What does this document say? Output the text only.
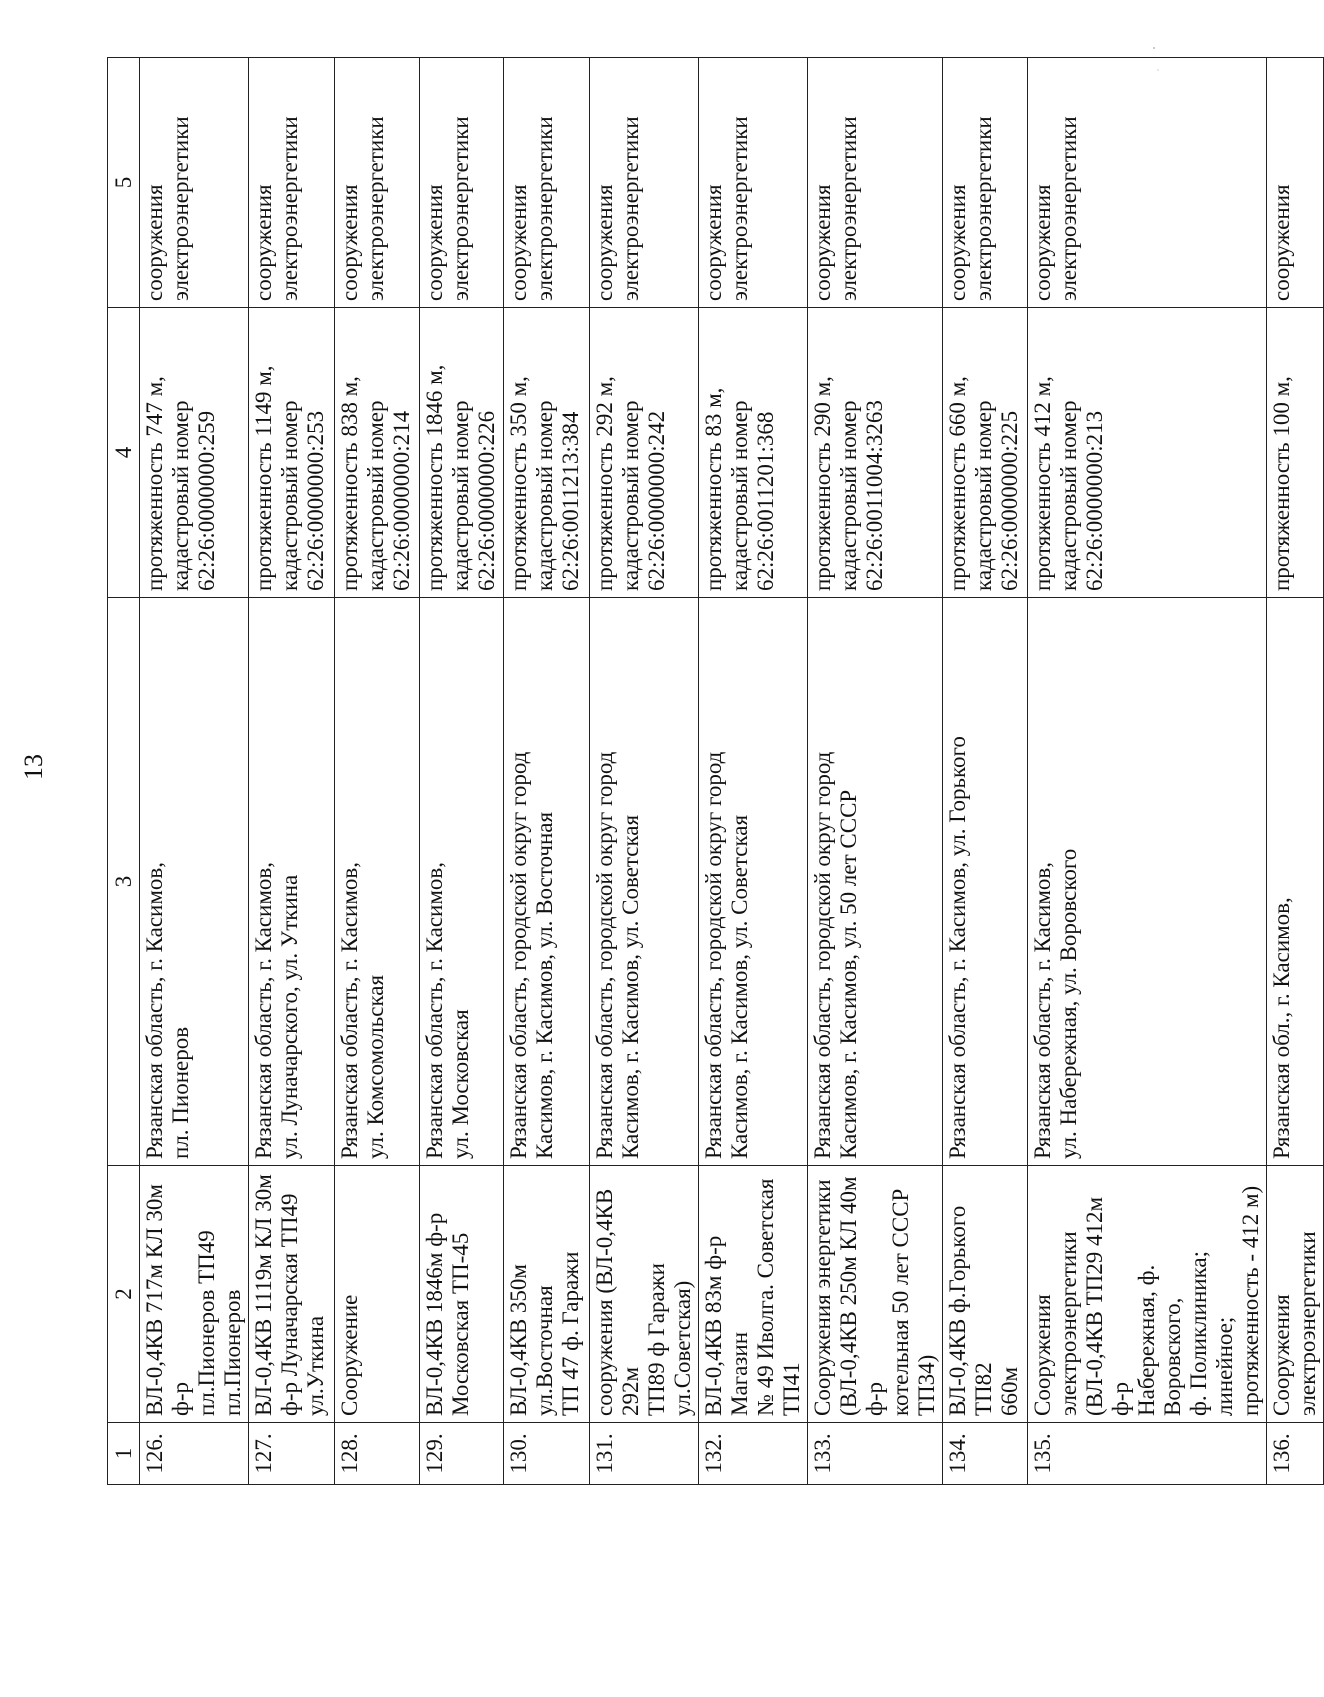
13
1	2	3	4	5
126.	ВЛ-0,4КВ 717м КЛ 30м ф-р
пл.Пионеров ТП49
пл.Пионеров	Рязанская область, г. Касимов,
пл. Пионеров	протяженность 747 м,
кадастровый номер
62:26:0000000:259	сооружения
электроэнергетики
127.	ВЛ-0,4КВ 1119м КЛ 30м
ф-р Луначарская ТП49
ул.Уткина	Рязанская область, г. Касимов,
ул. Луначарского, ул. Уткина	протяженность 1149 м,
кадастровый номер
62:26:0000000:253	сооружения
электроэнергетики
128.	Сооружение	Рязанская область, г. Касимов,
ул. Комсомольская	протяженность 838 м,
кадастровый номер
62:26:0000000:214	сооружения
электроэнергетики
129.	ВЛ-0,4КВ 1846м ф-р
Московская ТП-45	Рязанская область, г. Касимов,
ул. Московская	протяженность 1846 м,
кадастровый номер
62:26:0000000:226	сооружения
электроэнергетики
130.	ВЛ-0,4КВ 350м ул.Восточная
ТП 47 ф. Гаражи	Рязанская область, городской округ город
Касимов, г. Касимов, ул. Восточная	протяженность 350 м,
кадастровый номер
62:26:0011213:384	сооружения
электроэнергетики
131.	сооружения (ВЛ-0,4КВ 292м
ТП89 ф Гаражи ул.Советская)	Рязанская область, городской округ город
Касимов, г. Касимов, ул. Советская	протяженность 292 м,
кадастровый номер
62:26:0000000:242	сооружения
электроэнергетики
132.	ВЛ-0,4КВ 83м ф-р Магазин
№ 49 Иволга. Советская ТП41	Рязанская область, городской округ город
Касимов, г. Касимов, ул. Советская	протяженность 83 м,
кадастровый номер
62:26:0011201:368	сооружения
электроэнергетики
133.	Сооружения энергетики
(ВЛ-0,4КВ 250м КЛ 40м ф-р
котельная 50 лет СССР ТП34)	Рязанская область, городской округ город
Касимов, г. Касимов, ул. 50 лет СССР	протяженность 290 м,
кадастровый номер
62:26:0011004:3263	сооружения
электроэнергетики
134.	ВЛ-0,4КВ ф.Горького ТП82
660м	Рязанская область, г. Касимов, ул. Горького	протяженность 660 м,
кадастровый номер
62:26:0000000:225	сооружения
электроэнергетики
135.	Сооружения электроэнергетики
(ВЛ-0,4КВ ТП29 412м ф-р
Набережная, ф. Воровского,
ф. Поликлиника; линейное;
протяженность - 412 м)	Рязанская область, г. Касимов,
ул. Набережная, ул. Воровского	протяженность 412 м,
кадастровый номер
62:26:0000000:213	сооружения
электроэнергетики
136.	Сооружения электроэнергетики	Рязанская обл., г. Касимов,	протяженность 100 м,	сооружения
